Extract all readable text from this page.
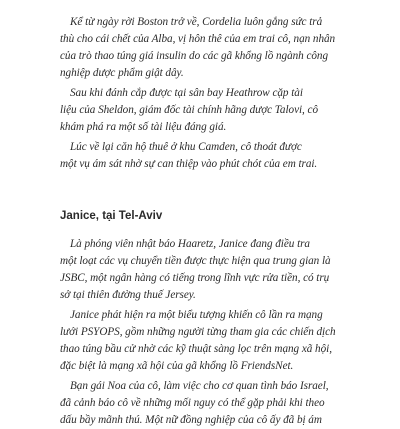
Kể từ ngày rời Boston trở về, Cordelia luôn gắng sức trả
thù cho cái chết của Alba, vị hôn thê của em trai cô, nạn nhân
của trò thao túng giá insulin do các gã khổng lồ ngành công
nghiệp dược phẩm giật dây.

Sau khi đánh cắp được tại sân bay Heathrow cặp tài
liệu của Sheldon, giám đốc tài chính hãng dược Talovi, cô
khám phá ra một số tài liệu đáng giá.

Lúc về lại căn hộ thuê ở khu Camden, cô thoát được
một vụ ám sát nhờ sự can thiệp vào phút chót của em trai.

Janice, tại Tel-Aviv

Là phóng viên nhật báo Haaretz, Janice đang điều tra
một loạt các vụ chuyển tiền được thực hiện qua trung gian là
JSBC, một ngân hàng có tiếng trong lĩnh vực rửa tiền, có trụ
sở tại thiên đường thuế Jersey.

Janice phát hiện ra một biểu tượng khiến cô lần ra mạng
lưới PSYOPS, gồm những người từng tham gia các chiến dịch
thao túng bầu cử nhờ các kỹ thuật sàng lọc trên mạng xã hội,
đặc biệt là mạng xã hội của gã khổng lồ FriendsNet.

Bạn gái Noa của cô, làm việc cho cơ quan tình báo Israel,
đã cảnh báo cô về những mối nguy có thể gặp phải khi theo
dấu bầy mãnh thú. Một nữ đồng nghiệp của cô ấy đã bị ám
